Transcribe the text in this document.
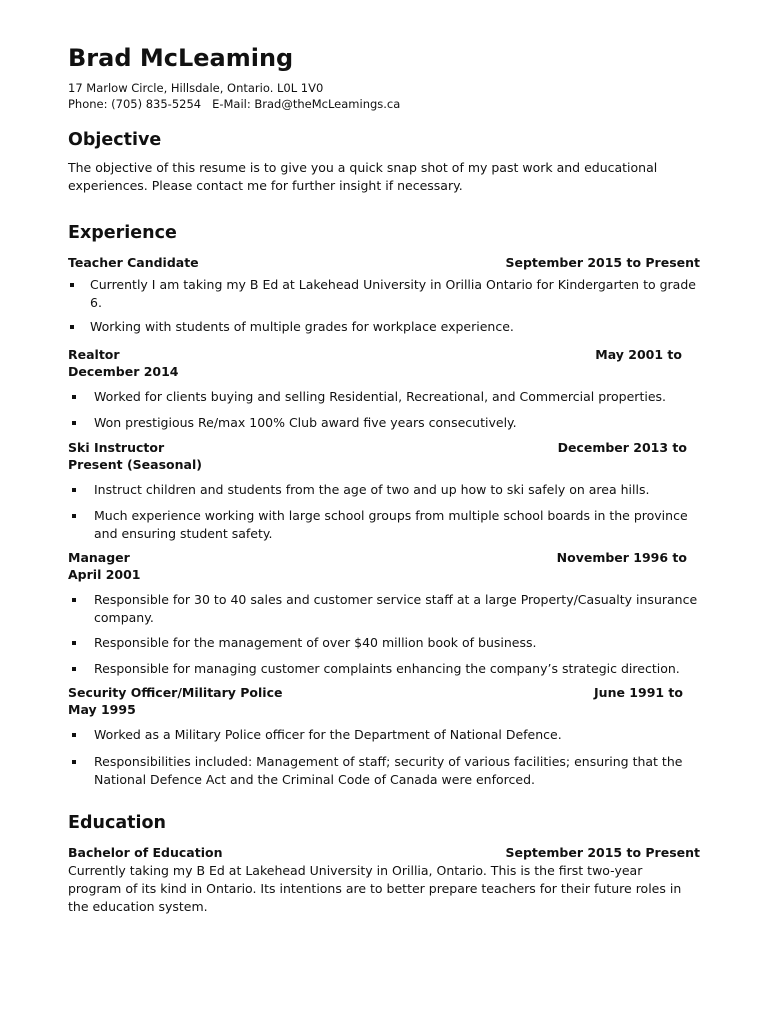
Brad McLeaming
17 Marlow Circle, Hillsdale, Ontario. L0L 1V0
Phone: (705) 835-5254 E-Mail: Brad@theMcLeamings.ca
Objective
The objective of this resume is to give you a quick snap shot of my past work and educational
experiences. Please contact me for further insight if necessary.
Experience
Teacher Candidate	September 2015 to Present
Currently I am taking my B Ed at Lakehead University in Orillia Ontario for Kindergarten to grade
6.
Working with students of multiple grades for workplace experience.
Realtor	May 2001 to
December 2014
Worked for clients buying and selling Residential, Recreational, and Commercial properties.
Won prestigious Re/max 100% Club award five years consecutively.
Ski Instructor	December 2013 to
Present (Seasonal)
Instruct children and students from the age of two and up how to ski safely on area hills.
Much experience working with large school groups from multiple school boards in the province
and ensuring student safety.
Manager	November 1996 to
April 2001
Responsible for 30 to 40 sales and customer service staff at a large Property/Casualty insurance
company.
Responsible for the management of over $40 million book of business.
Responsible for managing customer complaints enhancing the company’s strategic direction.
Security Officer/Military Police	June 1991 to
May 1995
Worked as a Military Police officer for the Department of National Defence.
Responsibilities included: Management of staff; security of various facilities; ensuring that the
National Defence Act and the Criminal Code of Canada were enforced.
Education
Bachelor of Education	September 2015 to Present
Currently taking my B Ed at Lakehead University in Orillia, Ontario. This is the first two-year
program of its kind in Ontario. Its intentions are to better prepare teachers for their future roles in
the education system.
